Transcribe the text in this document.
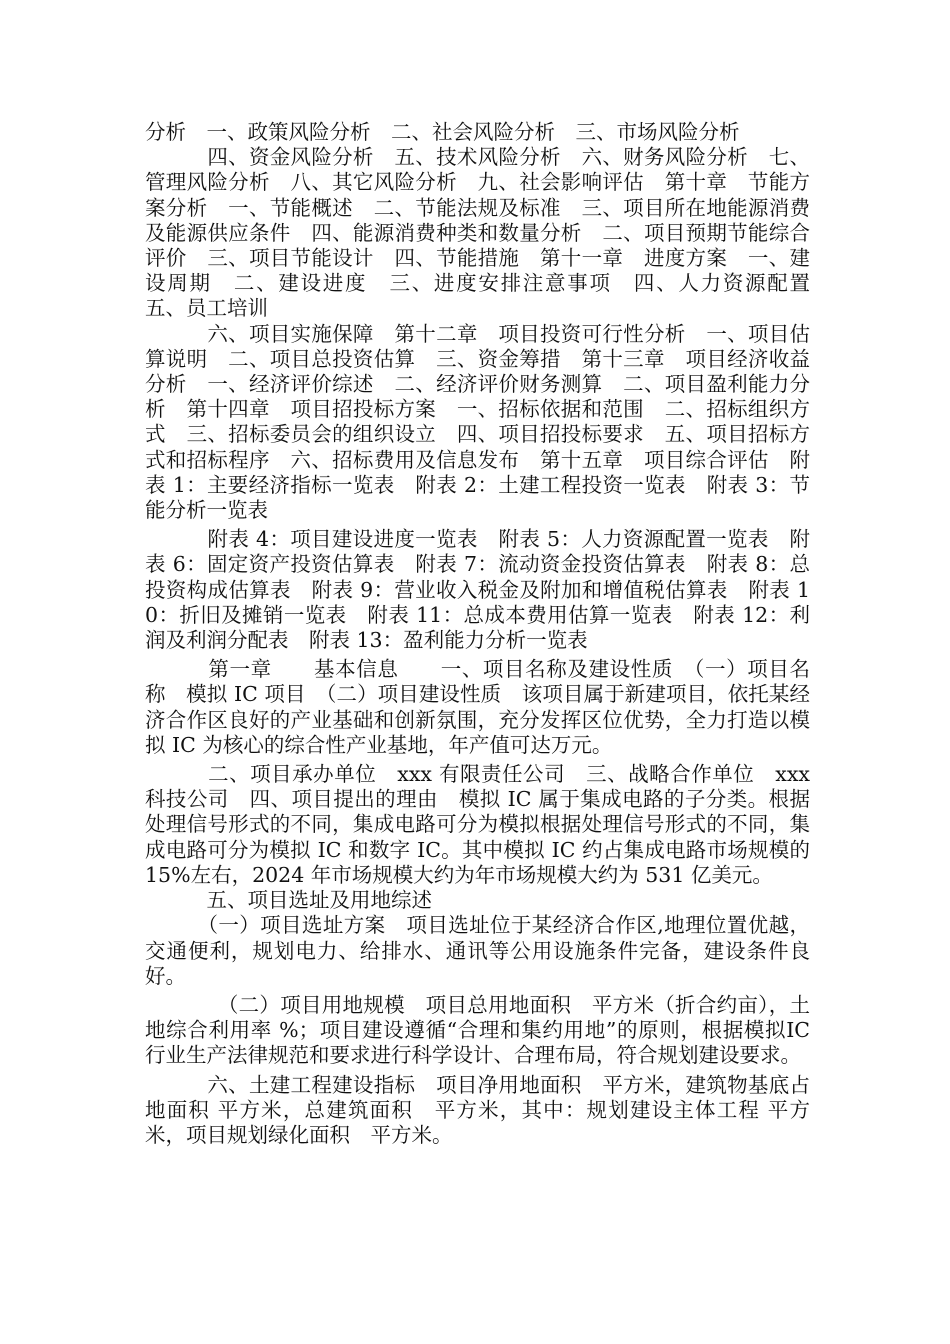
分析　一、政策风险分析　二、社会风险分析　三、市场风险分析

　　　四、资金风险分析　五、技术风险分析　六、财务风险分析　七、管理风险分析　八、其它风险分析　九、社会影响评估　第十章　节能方案分析　一、节能概述　二、节能法规及标准　三、项目所在地能源消费及能源供应条件　四、能源消费种类和数量分析　二、项目预期节能综合评价　三、项目节能设计　四、节能措施　第十一章　进度方案　一、建设周期　二、建设进度　三、进度安排注意事项　四、人力资源配置　五、员工培训

　　　六、项目实施保障　第十二章　项目投资可行性分析　一、项目估算说明　二、项目总投资估算　三、资金筹措　第十三章　项目经济收益分析　一、经济评价综述　二、经济评价财务测算　二、项目盈利能力分析　第十四章　项目招投标方案　一、招标依据和范围　二、招标组织方式　三、招标委员会的组织设立　四、项目招投标要求　五、项目招标方式和招标程序　六、招标费用及信息发布　第十五章　项目综合评估　附表 1：主要经济指标一览表　附表 2：土建工程投资一览表　附表 3：节能分析一览表

　　　附表 4：项目建设进度一览表　附表 5：人力资源配置一览表　附表 6：固定资产投资估算表　附表 7：流动资金投资估算表　附表 8：总投资构成估算表　附表 9：营业收入税金及附加和增值税估算表　附表 10：折旧及摊销一览表　附表 11：总成本费用估算一览表　附表 12：利润及利润分配表　附表 13：盈利能力分析一览表

　　　第一章　　基本信息　　一、项目名称及建设性质　（一）项目名称　模拟 IC 项目　（二）项目建设性质　该项目属于新建项目，依托某经济合作区良好的产业基础和创新氛围，充分发挥区位优势，全力打造以模拟 IC 为核心的综合性产业基地，年产值可达万元。

　　　二、项目承办单位　xxx 有限责任公司　三、战略合作单位　xxx 科技公司　四、项目提出的理由　模拟 IC 属于集成电路的子分类。根据处理信号形式的不同，集成电路可分为模拟根据处理信号形式的不同，集成电路可分为模拟 IC 和数字 IC。其中模拟 IC 约占集成电路市场规模的 15%左右，2024 年市场规模大约为年市场规模大约为 531 亿美元。

　　　五、项目选址及用地综述

　　　（一）项目选址方案　项目选址位于某经济合作区,地理位置优越，交通便利，规划电力、给排水、通讯等公用设施条件完备，建设条件良好。

　　　　（二）项目用地规模　项目总用地面积　平方米（折合约亩），土地综合利用率 %；项目建设遵循“合理和集约用地”的原则，根据模拟IC 行业生产法律规范和要求进行科学设计、合理布局，符合规划建设要求。

　　　六、土建工程建设指标　项目净用地面积　平方米，建筑物基底占地面积 平方米，总建筑面积　平方米，其中：规划建设主体工程 平方米，项目规划绿化面积　平方米。
